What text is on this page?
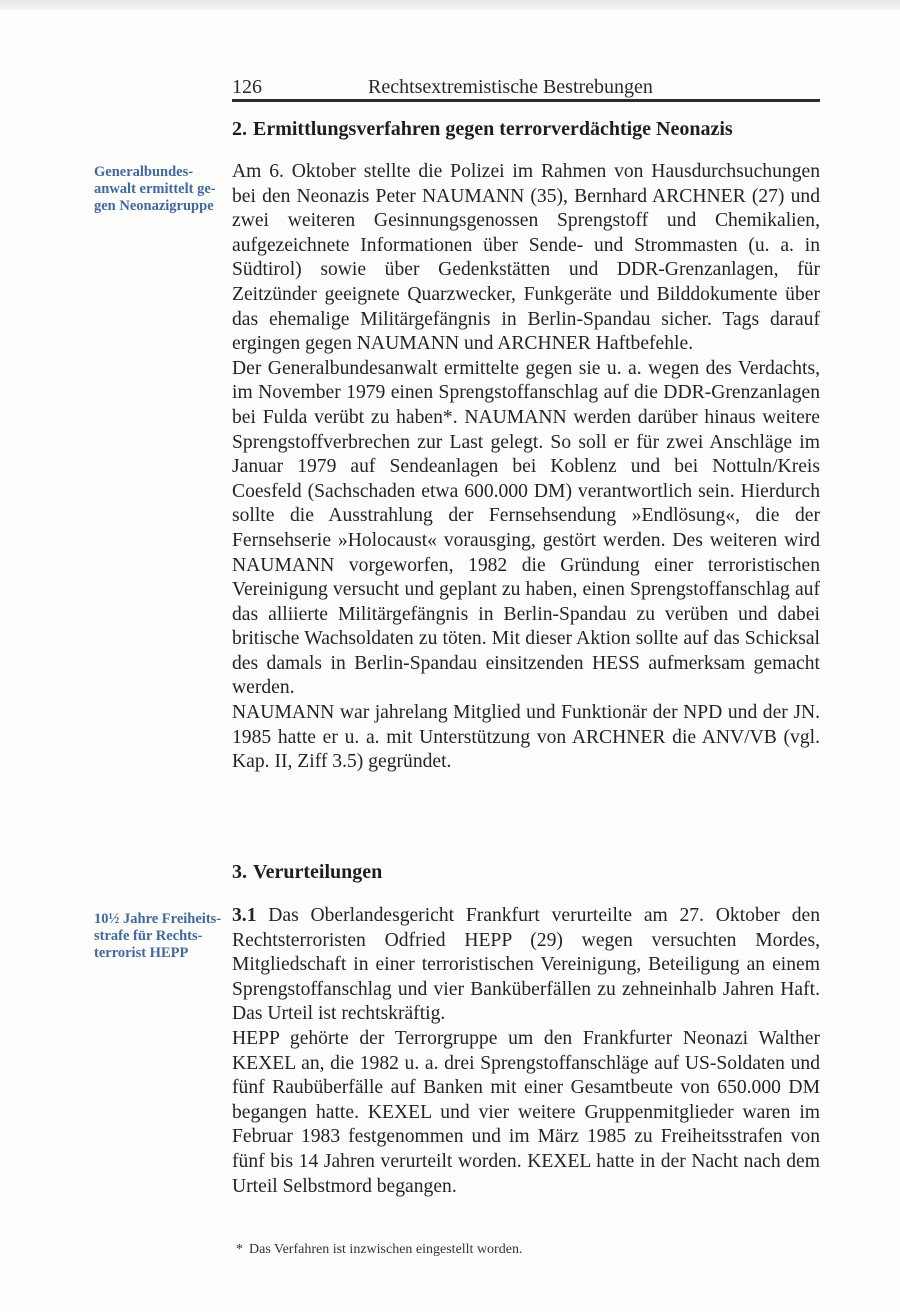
126	Rechtsextremistische Bestrebungen
2. Ermittlungsverfahren gegen terrorverdächtige Neonazis
Generalbundes-
anwalt ermittelt ge-
gen Neonazigruppe

Am 6. Oktober stellte die Polizei im Rahmen von Hausdurchsuchungen bei den Neonazis Peter NAUMANN (35), Bernhard ARCHNER (27) und zwei weiteren Gesinnungsgenossen Sprengstoff und Chemikalien, aufgezeichnete Informationen über Sende- und Strommasten (u. a. in Südtirol) sowie über Gedenkstätten und DDR-Grenzanlagen, für Zeitzünder geeignete Quarzwecker, Funkgeräte und Bilddokumente über das ehemalige Militärgefängnis in Berlin-Spandau sicher. Tags darauf ergingen gegen NAUMANN und ARCHNER Haftbefehle.

Der Generalbundesanwalt ermittelte gegen sie u. a. wegen des Verdachts, im November 1979 einen Sprengstoffanschlag auf die DDR-Grenzanlagen bei Fulda verübt zu haben*. NAUMANN werden darüber hinaus weitere Sprengstoffverbrechen zur Last gelegt. So soll er für zwei Anschläge im Januar 1979 auf Sendeanlagen bei Koblenz und bei Nottuln/Kreis Coesfeld (Sachschaden etwa 600.000 DM) verantwortlich sein. Hierdurch sollte die Ausstrahlung der Fernsehsendung »Endlösung«, die der Fernsehserie »Holocaust« vorausging, gestört werden. Des weiteren wird NAUMANN vorgeworfen, 1982 die Gründung einer terroristischen Vereinigung versucht und geplant zu haben, einen Sprengstoffanschlag auf das alliierte Militärgefängnis in Berlin-Spandau zu verüben und dabei britische Wachsoldaten zu töten. Mit dieser Aktion sollte auf das Schicksal des damals in Berlin-Spandau einsitzenden HESS aufmerksam gemacht werden.

NAUMANN war jahrelang Mitglied und Funktionär der NPD und der JN. 1985 hatte er u. a. mit Unterstützung von ARCHNER die ANV/VB (vgl. Kap. II, Ziff 3.5) gegründet.

3. Verurteilungen
10½ Jahre Freiheits-
strafe für Rechts-
terrorist HEPP

3.1 Das Oberlandesgericht Frankfurt verurteilte am 27. Oktober den Rechtsterroristen Odfried HEPP (29) wegen versuchten Mordes, Mitgliedschaft in einer terroristischen Vereinigung, Beteiligung an einem Sprengstoffanschlag und vier Banküberfällen zu zehneinhalb Jahren Haft. Das Urteil ist rechtskräftig.

HEPP gehörte der Terrorgruppe um den Frankfurter Neonazi Walther KEXEL an, die 1982 u. a. drei Sprengstoffanschläge auf US-Soldaten und fünf Raubüberfälle auf Banken mit einer Gesamtbeute von 650.000 DM begangen hatte. KEXEL und vier weitere Gruppenmitglieder waren im Februar 1983 festgenommen und im März 1985 zu Freiheitsstrafen von fünf bis 14 Jahren verurteilt worden. KEXEL hatte in der Nacht nach dem Urteil Selbstmord begangen.

* Das Verfahren ist inzwischen eingestellt worden.
